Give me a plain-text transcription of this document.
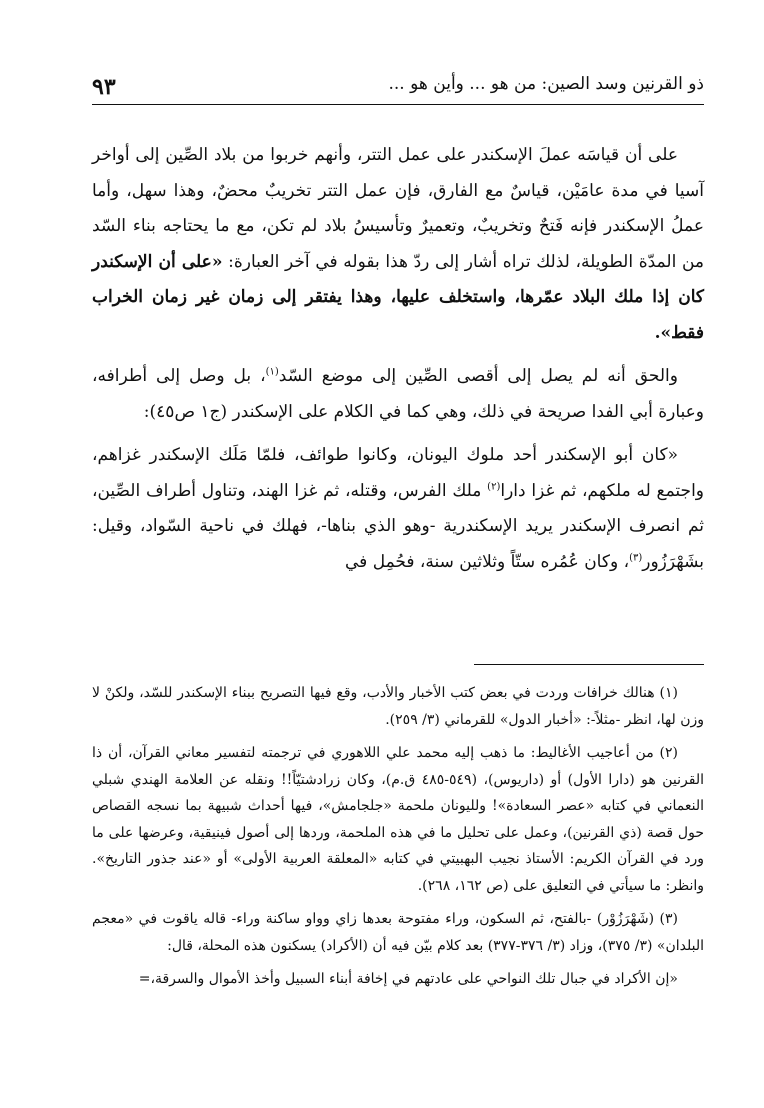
ذو القرنين وسد الصين: من هو ... وأين هو ...
٩٣

على أن قياسَه عملَ الإسكندر على عمل التتر، وأنهم خربوا من بلاد الصِّين إلى أواخر آسيا في مدة عامَيْن، قياسٌ مع الفارق، فإن عمل التتر تخريبٌ محضٌ، وهذا سهل، وأما عملُ الإسكندر فإنه فَتحٌ وتخريبٌ، وتعميرٌ وتأسيسُ بلاد لم تكن، مع ما يحتاجه بناء السّد من المدّة الطويلة، لذلك تراه أشار إلى ردّ هذا بقوله في آخر العبارة: «على أن الإسكندر كان إذا ملك البلاد عمّرها، واستخلف عليها، وهذا يفتقر إلى زمان غير زمان الخراب فقط».

والحق أنه لم يصل إلى أقصى الصِّين إلى موضع السّد$^{(١)}$، بل وصل إلى أطرافه، وعبارة أبي الفدا صريحة في ذلك، وهي كما في الكلام على الإسكندر (ج١ ص٤٥):

«كان أبو الإسكندر أحد ملوك اليونان، وكانوا طوائف، فلمّا مَلَك الإسكندر غزاهم، واجتمع له ملكهم، ثم غزا دارا$^{(٢)}$ ملك الفرس، وقتله، ثم غزا الهند، وتناول أطراف الصِّين، ثم انصرف الإسكندر يريد الإسكندرية -وهو الذي بناها-، فهلك في ناحية السّواد، وقيل: بشَهْرَزُور$^{(٣)}$، وكان عُمُره ستّاً وثلاثين سنة، فحُمِل في

(١) هنالك خرافات وردت في بعض كتب الأخبار والأدب، وقع فيها التصريح ببناء الإسكندر للسّد، ولكنْ لا وزن لها، انظر -مثلاً-: «أخبار الدول» للقرماني (٣/ ٢٥٩).

(٢) من أعاجيب الأغاليط: ما ذهب إليه محمد علي اللاهوري في ترجمته لتفسير معاني القرآن، أن ذا القرنين هو (دارا الأول) أو (داريوس)، (٥٤٩-٤٨٥ ق.م)، وكان زرادشتيّاً!! ونقله عن العلامة الهندي شبلي النعماني في كتابه «عصر السعادة»! ولليونان ملحمة «جلجامش»، فيها أحداث شبيهة بما نسجه القصاص حول قصة (ذي القرنين)، وعمل على تحليل ما في هذه الملحمة، وردها إلى أصول فينيقية، وعرضها على ما ورد في القرآن الكريم: الأستاذ نجيب البهبيتي في كتابه «المعلقة العربية الأولى» أو «عند جذور التاريخ». وانظر: ما سيأتي في التعليق على (ص ١٦٢، ٢٦٨).

(٣) (شَهْرَزُوْر) -بالفتح، ثم السكون، وراء مفتوحة بعدها زاي وواو ساكنة وراء- قاله ياقوت في «معجم البلدان» (٣/ ٣٧٥)، وزاد (٣/ ٣٧٦-٣٧٧) بعد كلام بيّن فيه أن (الأكراد) يسكنون هذه المحلة، قال:

«إن الأكراد في جبال تلك النواحي على عادتهم في إخافة أبناء السبيل وأخذ الأموال والسرقة،=
